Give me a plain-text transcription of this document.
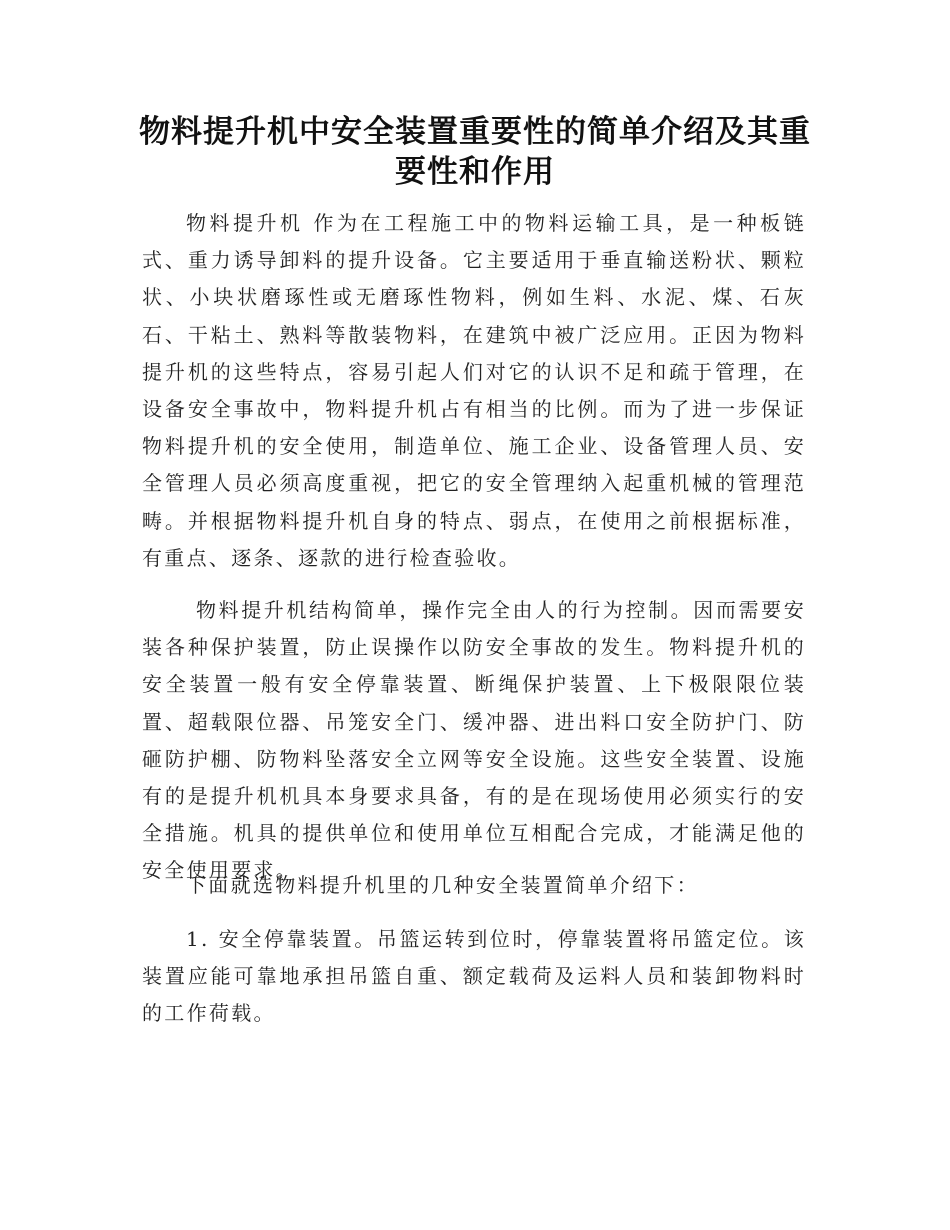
物料提升机中安全装置重要性的简单介绍及其重要性和作用
物料提升机 作为在工程施工中的物料运输工具，是一种板链式、重力诱导卸料的提升设备。它主要适用于垂直输送粉状、颗粒状、小块状磨琢性或无磨琢性物料，例如生料、水泥、煤、石灰石、干粘土、熟料等散装物料，在建筑中被广泛应用。正因为物料提升机的这些特点，容易引起人们对它的认识不足和疏于管理，在设备安全事故中，物料提升机占有相当的比例。而为了进一步保证物料提升机的安全使用，制造单位、施工企业、设备管理人员、安全管理人员必须高度重视，把它的安全管理纳入起重机械的管理范畴。并根据物料提升机自身的特点、弱点，在使用之前根据标准，有重点、逐条、逐款的进行检查验收。
物料提升机结构简单，操作完全由人的行为控制。因而需要安装各种保护装置，防止误操作以防安全事故的发生。物料提升机的安全装置一般有安全停靠装置、断绳保护装置、上下极限限位装置、超载限位器、吊笼安全门、缓冲器、进出料口安全防护门、防砸防护棚、防物料坠落安全立网等安全设施。这些安全装置、设施有的是提升机机具本身要求具备，有的是在现场使用必须实行的安全措施。机具的提供单位和使用单位互相配合完成，才能满足他的安全使用要求。
下面就选物料提升机里的几种安全装置简单介绍下：
1. 安全停靠装置。吊篮运转到位时，停靠装置将吊篮定位。该装置应能可靠地承担吊篮自重、额定载荷及运料人员和装卸物料时的工作荷载。
